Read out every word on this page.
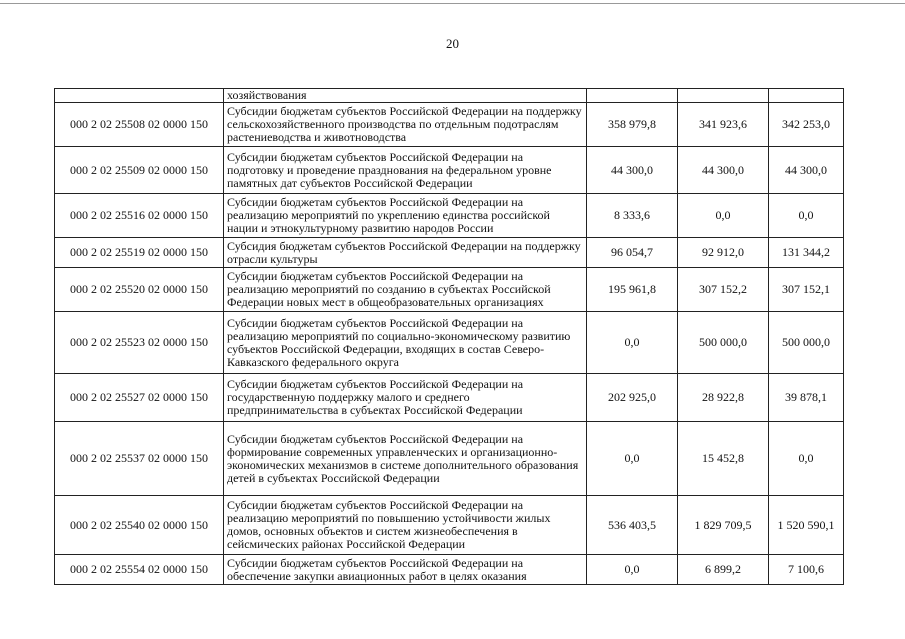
20
	хозяйствования			
000 2 02 25508 02 0000 150	Субсидии бюджетам субъектов Российской Федерации на поддержку сельскохозяйственного производства по отдельным подотраслям растениеводства и животноводства	358 979,8	341 923,6	342 253,0
000 2 02 25509 02 0000 150	Субсидии бюджетам субъектов Российской Федерации на подготовку и проведение празднования на федеральном уровне памятных дат субъектов Российской Федерации	44 300,0	44 300,0	44 300,0
000 2 02 25516 02 0000 150	Субсидии бюджетам субъектов Российской Федерации на реализацию мероприятий по укреплению единства российской нации и этнокультурному развитию народов России	8 333,6	0,0	0,0
000 2 02 25519 02 0000 150	Субсидия бюджетам субъектов Российской Федерации на поддержку отрасли культуры	96 054,7	92 912,0	131 344,2
000 2 02 25520 02 0000 150	Субсидии бюджетам субъектов Российской Федерации на реализацию мероприятий по созданию в субъектах Российской Федерации новых мест в общеобразовательных организациях	195 961,8	307 152,2	307 152,1
000 2 02 25523 02 0000 150	Субсидии бюджетам субъектов Российской Федерации на реализацию мероприятий по социально-экономическому развитию субъектов Российской Федерации, входящих в состав Северо-Кавказского федерального округа	0,0	500 000,0	500 000,0
000 2 02 25527 02 0000 150	Субсидии бюджетам субъектов Российской Федерации на государственную поддержку малого и среднего предпринимательства в субъектах Российской Федерации	202 925,0	28 922,8	39 878,1
000 2 02 25537 02 0000 150	Субсидии бюджетам субъектов Российской Федерации на формирование современных управленческих и организационно-экономических механизмов в системе дополнительного образования детей в субъектах Российской Федерации	0,0	15 452,8	0,0
000 2 02 25540 02 0000 150	Субсидии бюджетам субъектов Российской Федерации на реализацию мероприятий по повышению устойчивости жилых домов, основных объектов и систем жизнеобеспечения в сейсмических районах Российской Федерации	536 403,5	1 829 709,5	1 520 590,1
000 2 02 25554 02 0000 150	Субсидии бюджетам субъектов Российской Федерации на обеспечение закупки авиационных работ в целях оказания	0,0	6 899,2	7 100,6
